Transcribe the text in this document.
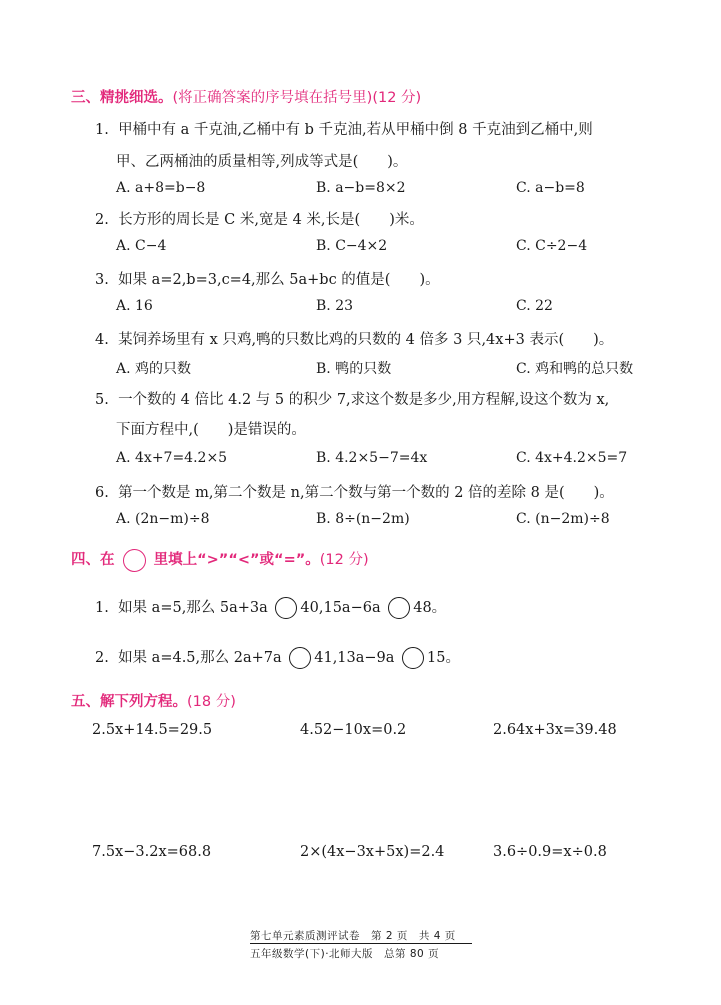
三、精挑细选。(将正确答案的序号填在括号里)(12 分)
1. 甲桶中有 a 千克油,乙桶中有 b 千克油,若从甲桶中倒 8 千克油到乙桶中,则
甲、乙两桶油的质量相等,列成等式是(　　)。
A. a+8=b−8	B. a−b=8×2	C. a−b=8
2. 长方形的周长是 C 米,宽是 4 米,长是(　　)米。
A. C−4	B. C−4×2	C. C÷2−4
3. 如果 a=2,b=3,c=4,那么 5a+bc 的值是(　　)。
A. 16	B. 23	C. 22
4. 某饲养场里有 x 只鸡,鸭的只数比鸡的只数的 4 倍多 3 只,4x+3 表示(　　)。
A. 鸡的只数	B. 鸭的只数	C. 鸡和鸭的总只数
5. 一个数的 4 倍比 4.2 与 5 的积少 7,求这个数是多少,用方程解,设这个数为 x,
下面方程中,(　　)是错误的。
A. 4x+7=4.2×5	B. 4.2×5−7=4x	C. 4x+4.2×5=7
6. 第一个数是 m,第二个数是 n,第二个数与第一个数的 2 倍的差除 8 是(　　)。
A. (2n−m)÷8	B. 8÷(n−2m)	C. (n−2m)÷8
四、在	里填上“>”“<”或“=”。(12 分)
1. 如果 a=5,那么 5a+3a 40,15a−6a 48。
2. 如果 a=4.5,那么 2a+7a 41,13a−9a 15。
五、解下列方程。(18 分)
2.5x+14.5=29.5	4.52−10x=0.2	2.64x+3x=39.48
7.5x−3.2x=68.8	2×(4x−3x+5x)=2.4	3.6÷0.9=x÷0.8
第七单元素质测评试卷　第 2 页　共 4 页
五年级数学(下)·北师大版　总第 80 页
